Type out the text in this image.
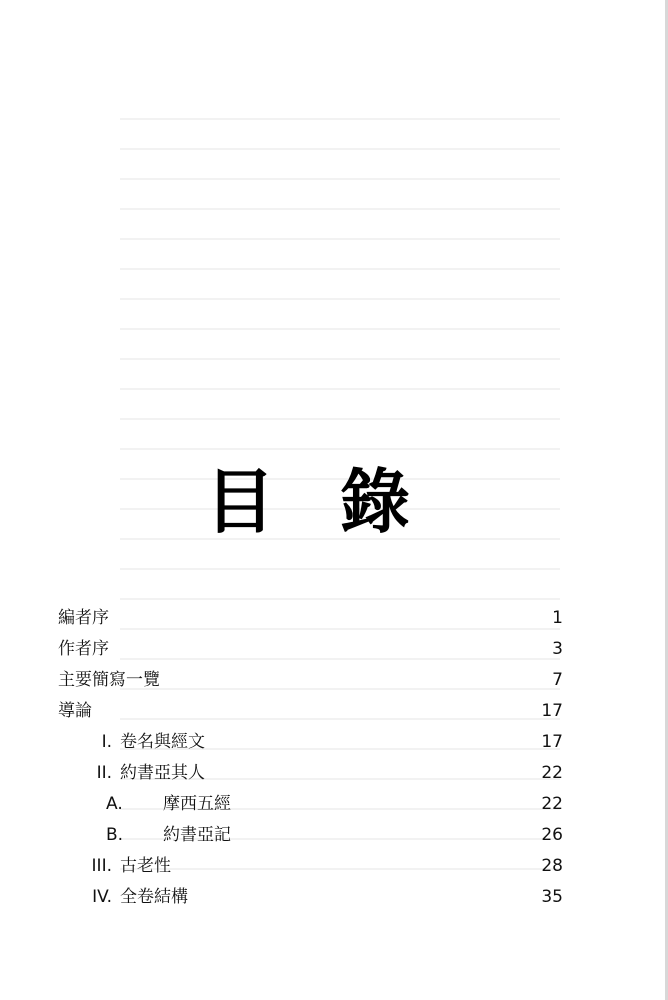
目 錄
編者序	1
作者序	3
主要簡寫一覽	7
導論	17
I. 卷名與經文	17
II. 約書亞其人	22
A.	摩西五經	22
B.	約書亞記	26
III. 古老性	28
IV. 全卷結構	35
